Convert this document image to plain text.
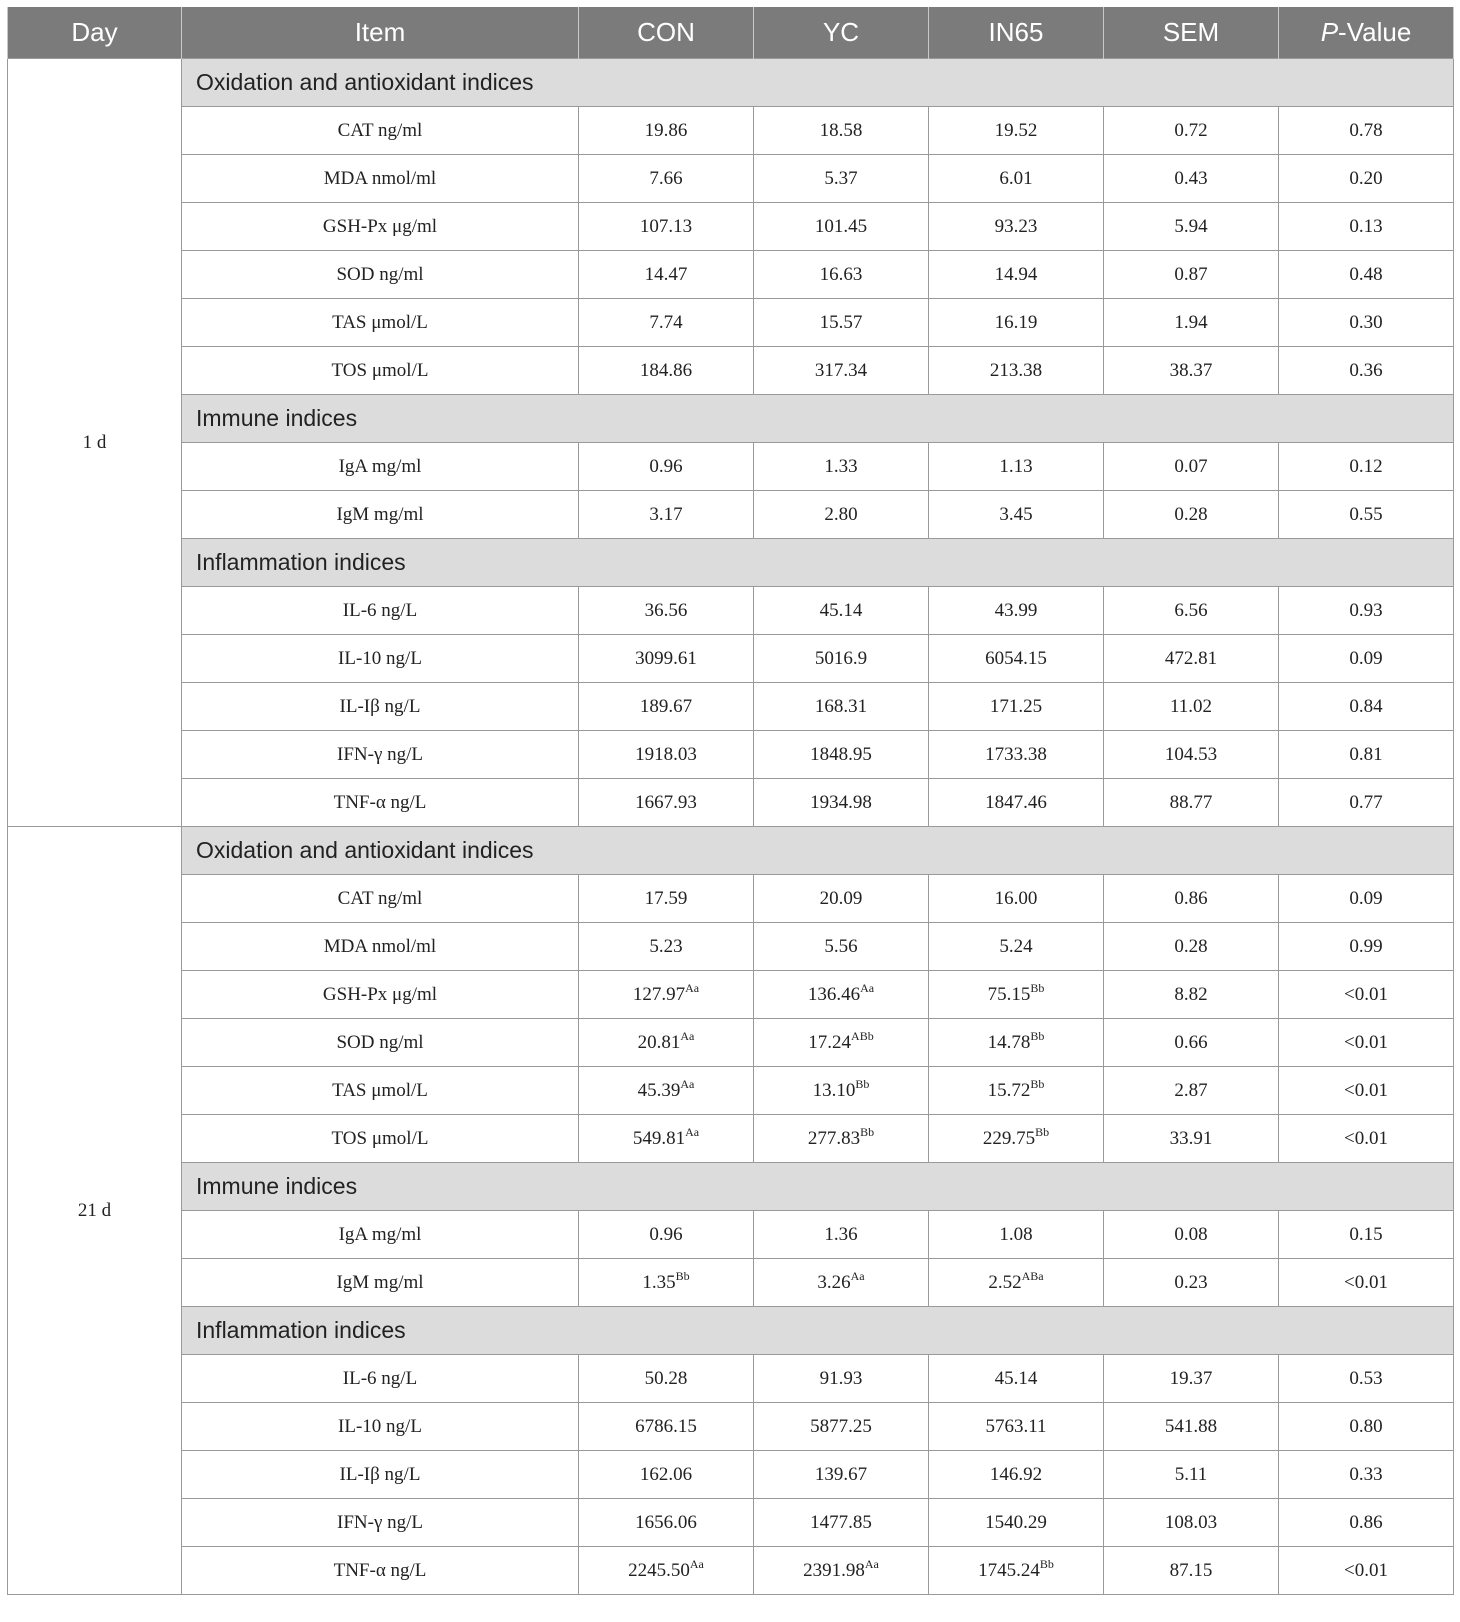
Day	Item	CON	YC	IN65	SEM	P-Value
1 d	Oxidation and antioxidant indices					
	CAT ng/ml	19.86	18.58	19.52	0.72	0.78
	MDA nmol/ml	7.66	5.37	6.01	0.43	0.20
	GSH-Px μg/ml	107.13	101.45	93.23	5.94	0.13
	SOD ng/ml	14.47	16.63	14.94	0.87	0.48
	TAS μmol/L	7.74	15.57	16.19	1.94	0.30
	TOS μmol/L	184.86	317.34	213.38	38.37	0.36
	Immune indices					
	IgA mg/ml	0.96	1.33	1.13	0.07	0.12
	IgM mg/ml	3.17	2.80	3.45	0.28	0.55
	Inflammation indices					
	IL-6 ng/L	36.56	45.14	43.99	6.56	0.93
	IL-10 ng/L	3099.61	5016.9	6054.15	472.81	0.09
	IL-Iβ ng/L	189.67	168.31	171.25	11.02	0.84
	IFN-γ ng/L	1918.03	1848.95	1733.38	104.53	0.81
	TNF-α ng/L	1667.93	1934.98	1847.46	88.77	0.77
21 d	Oxidation and antioxidant indices					
	CAT ng/ml	17.59	20.09	16.00	0.86	0.09
	MDA nmol/ml	5.23	5.56	5.24	0.28	0.99
	GSH-Px μg/ml	$127.97^{Aa}$	$136.46^{Aa}$	$75.15^{Bb}$	8.82	<0.01
	SOD ng/ml	$20.81^{Aa}$	$17.24^{ABb}$	$14.78^{Bb}$	0.66	<0.01
	TAS μmol/L	$45.39^{Aa}$	$13.10^{Bb}$	$15.72^{Bb}$	2.87	<0.01
	TOS μmol/L	$549.81^{Aa}$	$277.83^{Bb}$	$229.75^{Bb}$	33.91	<0.01
	Immune indices					
	IgA mg/ml	0.96	1.36	1.08	0.08	0.15
	IgM mg/ml	$1.35^{Bb}$	$3.26^{Aa}$	$2.52^{ABa}$	0.23	<0.01
	Inflammation indices					
	IL-6 ng/L	50.28	91.93	45.14	19.37	0.53
	IL-10 ng/L	6786.15	5877.25	5763.11	541.88	0.80
	IL-Iβ ng/L	162.06	139.67	146.92	5.11	0.33
	IFN-γ ng/L	1656.06	1477.85	1540.29	108.03	0.86
	TNF-α ng/L	$2245.50^{Aa}$	$2391.98^{Aa}$	$1745.24^{Bb}$	87.15	<0.01
